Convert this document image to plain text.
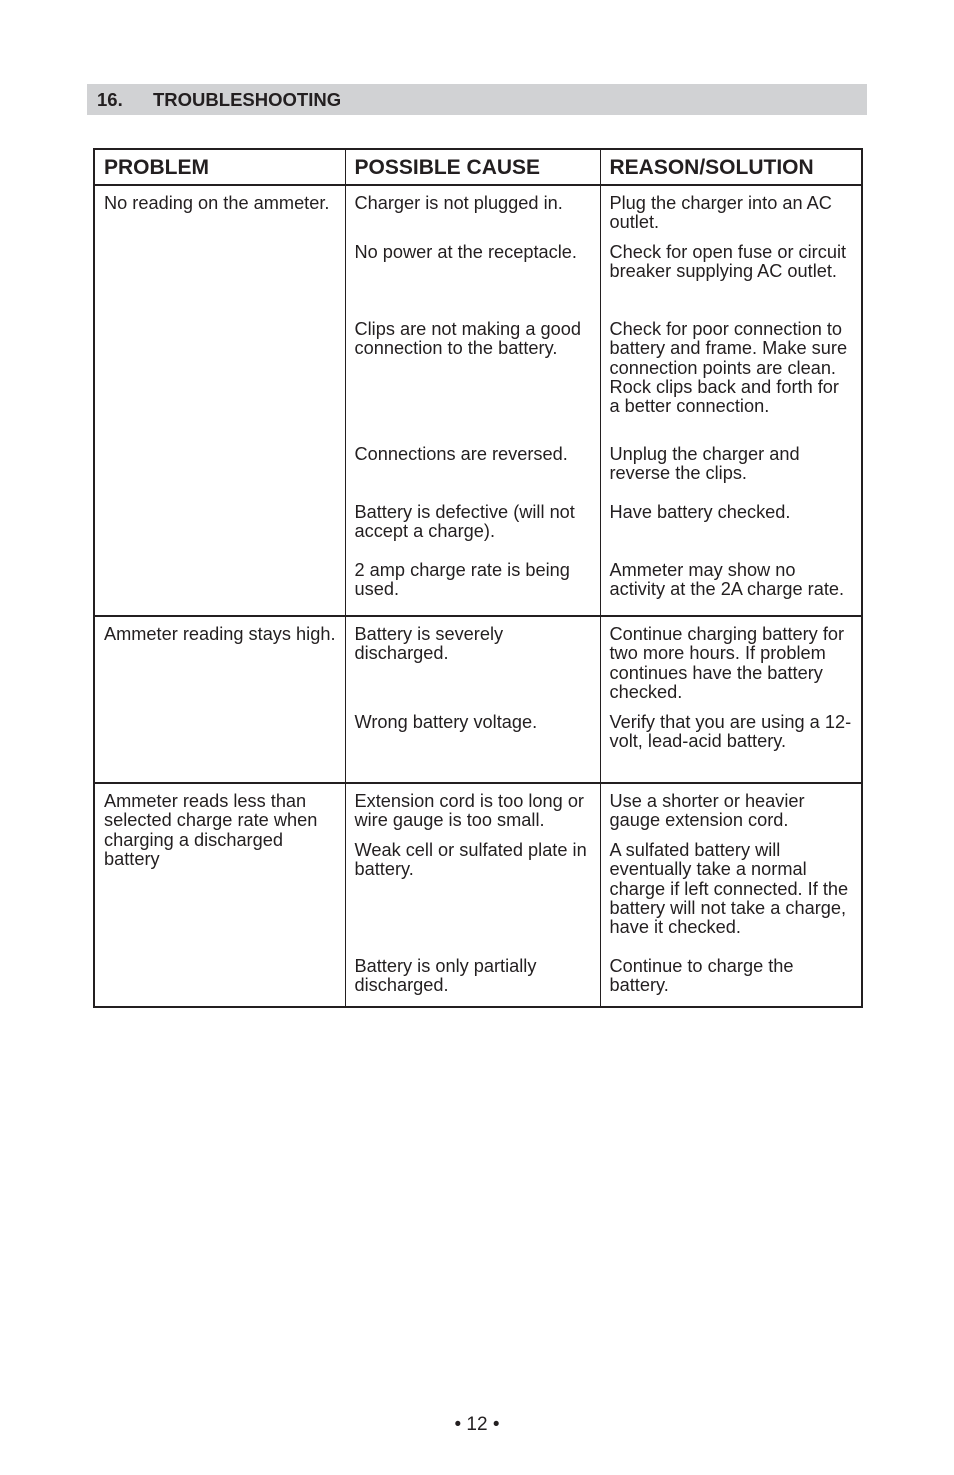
16. TROUBLESHOOTING
PROBLEM	POSSIBLE CAUSE	REASON/SOLUTION
No reading on the ammeter.	Charger is not plugged in.	Plug the charger into an AC outlet.
	No power at the receptacle.	Check for open fuse or circuit breaker supplying AC outlet.
	Clips are not making a good connection to the battery.	Check for poor connection to battery and frame. Make sure connection points are clean. Rock clips back and forth for a better connection.
	Connections are reversed.	Unplug the charger and reverse the clips.
	Battery is defective (will not accept a charge).	Have battery checked.
	2 amp charge rate is being used.	Ammeter may show no activity at the 2A charge rate.
Ammeter reading stays high.	Battery is severely discharged.	Continue charging battery for two more hours. If problem continues have the battery checked.
	Wrong battery voltage.	Verify that you are using a 12-volt, lead-acid battery.
Ammeter reads less than selected charge rate when charging a discharged battery	Extension cord is too long or wire gauge is too small.	Use a shorter or heavier gauge extension cord.
	Weak cell or sulfated plate in battery.	A sulfated battery will eventually take a normal charge if left connected. If the battery will not take a charge, have it checked.
	Battery is only partially discharged.	Continue to charge the battery.
• 12 •
